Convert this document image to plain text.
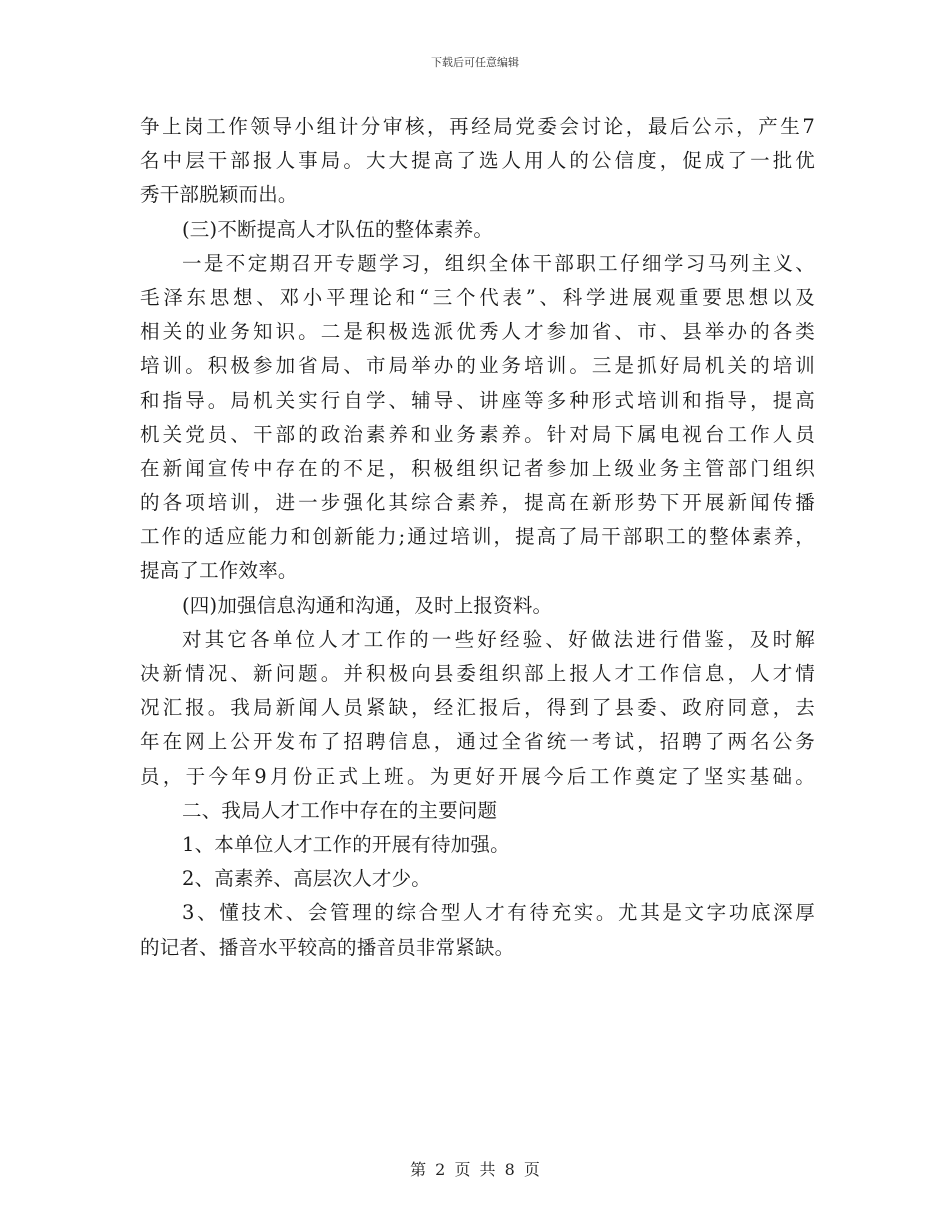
下载后可任意编辑
争上岗工作领导小组计分审核，再经局党委会讨论，最后公示，产生7
名中层干部报人事局。大大提高了选人用人的公信度，促成了一批优
秀干部脱颖而出。
(三)不断提高人才队伍的整体素养。
一是不定期召开专题学习，组织全体干部职工仔细学习马列主义、
毛泽东思想、邓小平理论和“三个代表”、科学进展观重要思想以及
相关的业务知识。二是积极选派优秀人才参加省、市、县举办的各类
培训。积极参加省局、市局举办的业务培训。三是抓好局机关的培训
和指导。局机关实行自学、辅导、讲座等多种形式培训和指导，提高
机关党员、干部的政治素养和业务素养。针对局下属电视台工作人员
在新闻宣传中存在的不足，积极组织记者参加上级业务主管部门组织
的各项培训，进一步强化其综合素养，提高在新形势下开展新闻传播
工作的适应能力和创新能力;通过培训，提高了局干部职工的整体素养，
提高了工作效率。
(四)加强信息沟通和沟通，及时上报资料。
对其它各单位人才工作的一些好经验、好做法进行借鉴，及时解
决新情况、新问题。并积极向县委组织部上报人才工作信息，人才情
况汇报。我局新闻人员紧缺，经汇报后，得到了县委、政府同意，去
年在网上公开发布了招聘信息，通过全省统一考试，招聘了两名公务
员，于今年9月份正式上班。为更好开展今后工作奠定了坚实基础。
二、我局人才工作中存在的主要问题
1、本单位人才工作的开展有待加强。
2、高素养、高层次人才少。
3、懂技术、会管理的综合型人才有待充实。尤其是文字功底深厚
的记者、播音水平较高的播音员非常紧缺。
第 2 页 共 8 页
